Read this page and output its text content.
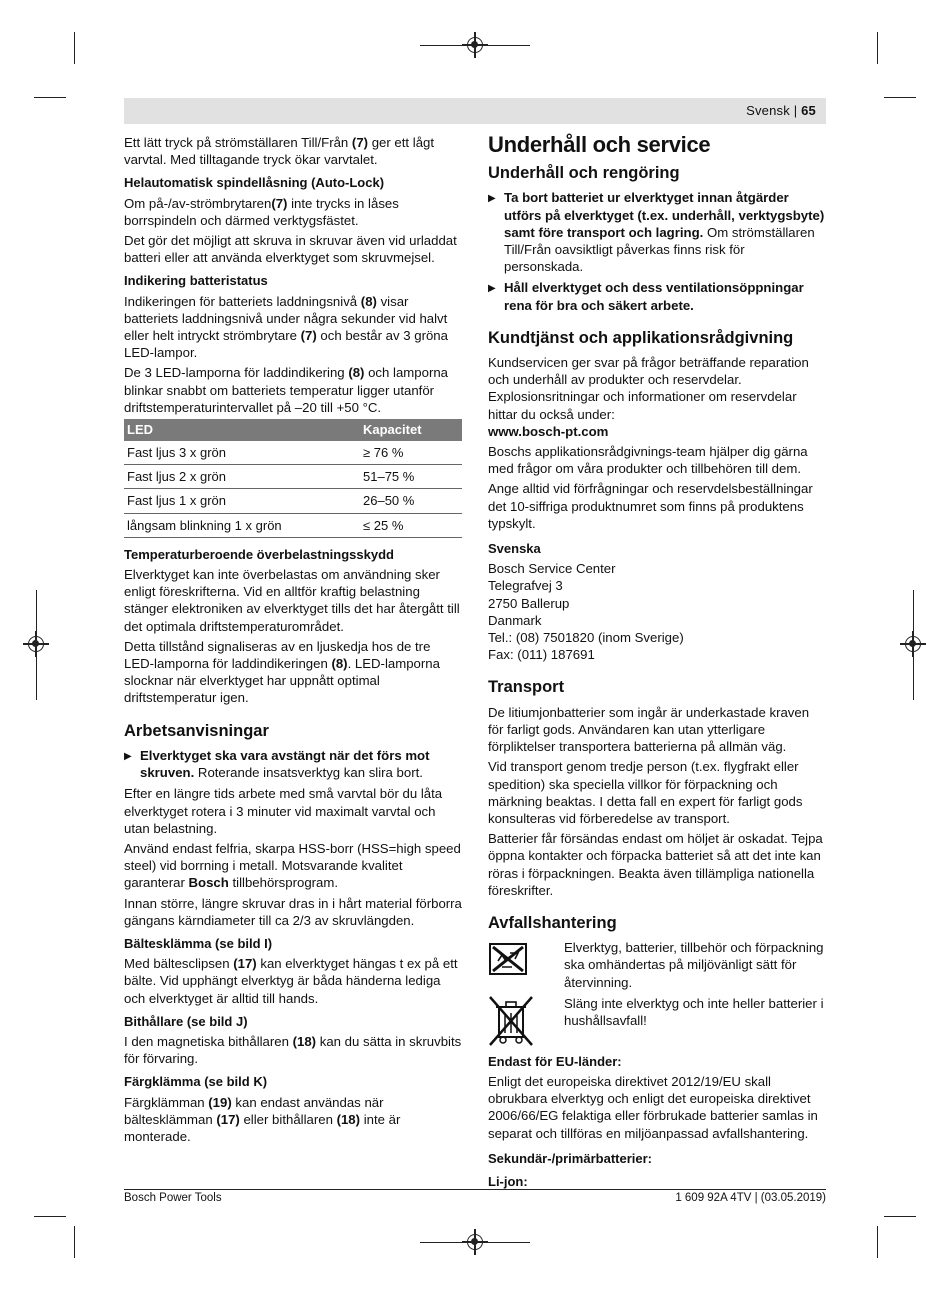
Svensk | 65

Ett lätt tryck på strömställaren Till/Från (7) ger ett lågt varvtal. Med tilltagande tryck ökar varvtalet.

Helautomatisk spindellåsning (Auto-Lock)

Om på-/av-strömbrytaren(7) inte trycks in låses borrspindeln och därmed verktygsfästet.

Det gör det möjligt att skruva in skruvar även vid urladdat batteri eller att använda elverktyget som skruvmejsel.

Indikering batteristatus

Indikeringen för batteriets laddningsnivå (8) visar batteriets laddningsnivå under några sekunder vid halvt eller helt intryckt strömbrytare (7) och består av 3 gröna LED-lampor.

De 3 LED-lamporna för laddindikering (8) och lamporna blinkar snabbt om batteriets temperatur ligger utanför driftstemperaturintervallet på –20 till +50 °C.

LED	Kapacitet
Fast ljus 3 x grön	≥ 76 %
Fast ljus 2 x grön	51–75 %
Fast ljus 1 x grön	26–50 %
långsam blinkning 1 x grön	≤ 25 %
Temperaturberoende överbelastningsskydd

Elverktyget kan inte överbelastas om användning sker enligt föreskrifterna. Vid en alltför kraftig belastning stänger elektroniken av elverktyget tills det har återgått till det optimala driftstemperaturområdet.

Detta tillstånd signaliseras av en ljuskedja hos de tre LED-lamporna för laddindikeringen (8). LED-lamporna slocknar när elverktyget har uppnått optimal driftstemperatur igen.

Arbetsanvisningar

▶ Elverktyget ska vara avstängt när det förs mot skruven. Roterande insatsverktyg kan slira bort.

Efter en längre tids arbete med små varvtal bör du låta elverktyget rotera i 3 minuter vid maximalt varvtal och utan belastning.

Använd endast felfria, skarpa HSS-borr (HSS=high speed steel) vid borrning i metall. Motsvarande kvalitet garanterar Bosch tillbehörsprogram.

Innan större, längre skruvar dras in i hårt material förborra gängans kärndiameter till ca 2/3 av skruvlängden.

Bältesklämma (se bild I)

Med bältesclipsen (17) kan elverktyget hängas t ex på ett bälte. Vid upphängt elverktyg är båda händerna lediga och elverktyget är alltid till hands.

Bithållare (se bild J)

I den magnetiska bithållaren (18) kan du sätta in skruvbits för förvaring.

Färgklämma (se bild K)

Färgklämman (19) kan endast användas när bältesklämman (17) eller bithållaren (18) inte är monterade.

Underhåll och service
Underhåll och rengöring

▶ Ta bort batteriet ur elverktyget innan åtgärder utförs på elverktyget (t.ex. underhåll, verktygsbyte) samt före transport och lagring. Om strömställaren Till/Från oavsiktligt påverkas finns risk för personskada.

▶ Håll elverktyget och dess ventilationsöppningar rena för bra och säkert arbete.

Kundtjänst och applikationsrådgivning

Kundservicen ger svar på frågor beträffande reparation och underhåll av produkter och reservdelar. Explosionsritningar och informationer om reservdelar hittar du också under:
www.bosch-pt.com

Boschs applikationsrådgivnings-team hjälper dig gärna med frågor om våra produkter och tillbehören till dem.

Ange alltid vid förfrågningar och reservdelsbeställningar det 10-siffriga produktnumret som finns på produktens typskylt.

Svenska
Bosch Service Center
Telegrafvej 3
2750 Ballerup
Danmark
Tel.: (08) 7501820 (inom Sverige)
Fax: (011) 187691
Transport

De litiumjonbatterier som ingår är underkastade kraven för farligt gods. Användaren kan utan ytterligare förpliktelser transportera batterierna på allmän väg.

Vid transport genom tredje person (t.ex. flygfrakt eller spedition) ska speciella villkor för förpackning och märkning beaktas. I detta fall en expert för farligt gods konsulteras vid förberedelse av transport.

Batterier får försändas endast om höljet är oskadat. Tejpa öppna kontakter och förpacka batteriet så att det inte kan röras i förpackningen. Beakta även tillämpliga nationella föreskrifter.

Avfallshantering
Elverktyg, batterier, tillbehör och förpackning ska omhändertas på miljövänligt sätt för återvinning.
Släng inte elverktyg och inte heller batterier i hushållsavfall!
Endast för EU-länder:

Enligt det europeiska direktivet 2012/19/EU skall obrukbara elverktyg och enligt det europeiska direktivet 2006/66/EG felaktiga eller förbrukade batterier samlas in separat och tillföras en miljöanpassad avfallshantering.

Sekundär-/primärbatterier:
Li-jon:
Bosch Power Tools	1 609 92A 4TV | (03.05.2019)
